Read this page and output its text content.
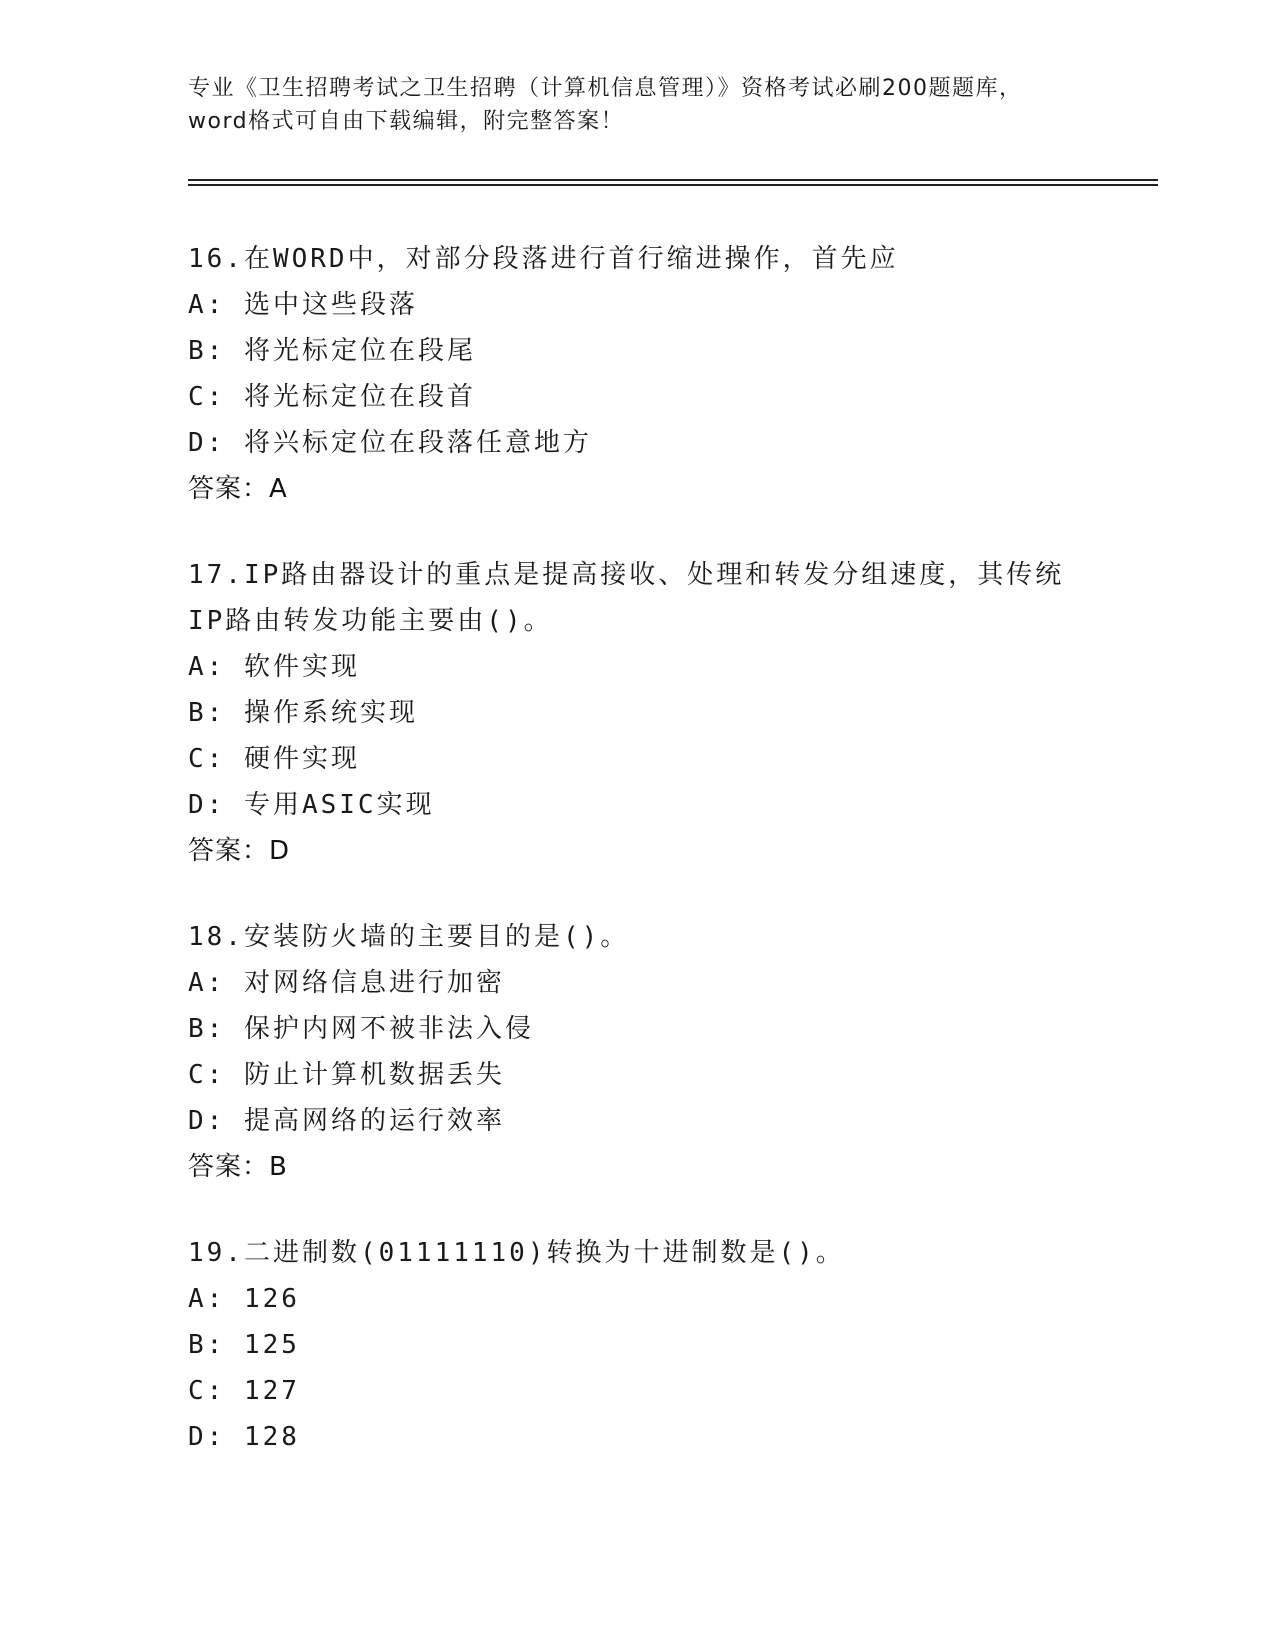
专业《卫生招聘考试之卫生招聘（计算机信息管理）》资格考试必刷200题题库，
word格式可自由下载编辑，附完整答案！
16.在WORD中，对部分段落进行首行缩进操作，首先应
A: 选中这些段落
B: 将光标定位在段尾
C: 将光标定位在段首
D: 将兴标定位在段落任意地方
答案：A
17.IP路由器设计的重点是提高接收、处理和转发分组速度，其传统
IP路由转发功能主要由()。
A: 软件实现
B: 操作系统实现
C: 硬件实现
D: 专用ASIC实现
答案：D
18.安装防火墙的主要目的是()。
A: 对网络信息进行加密
B: 保护内网不被非法入侵
C: 防止计算机数据丢失
D: 提高网络的运行效率
答案：B
19.二进制数(01111110)转换为十进制数是()。
A: 126
B: 125
C: 127
D: 128
